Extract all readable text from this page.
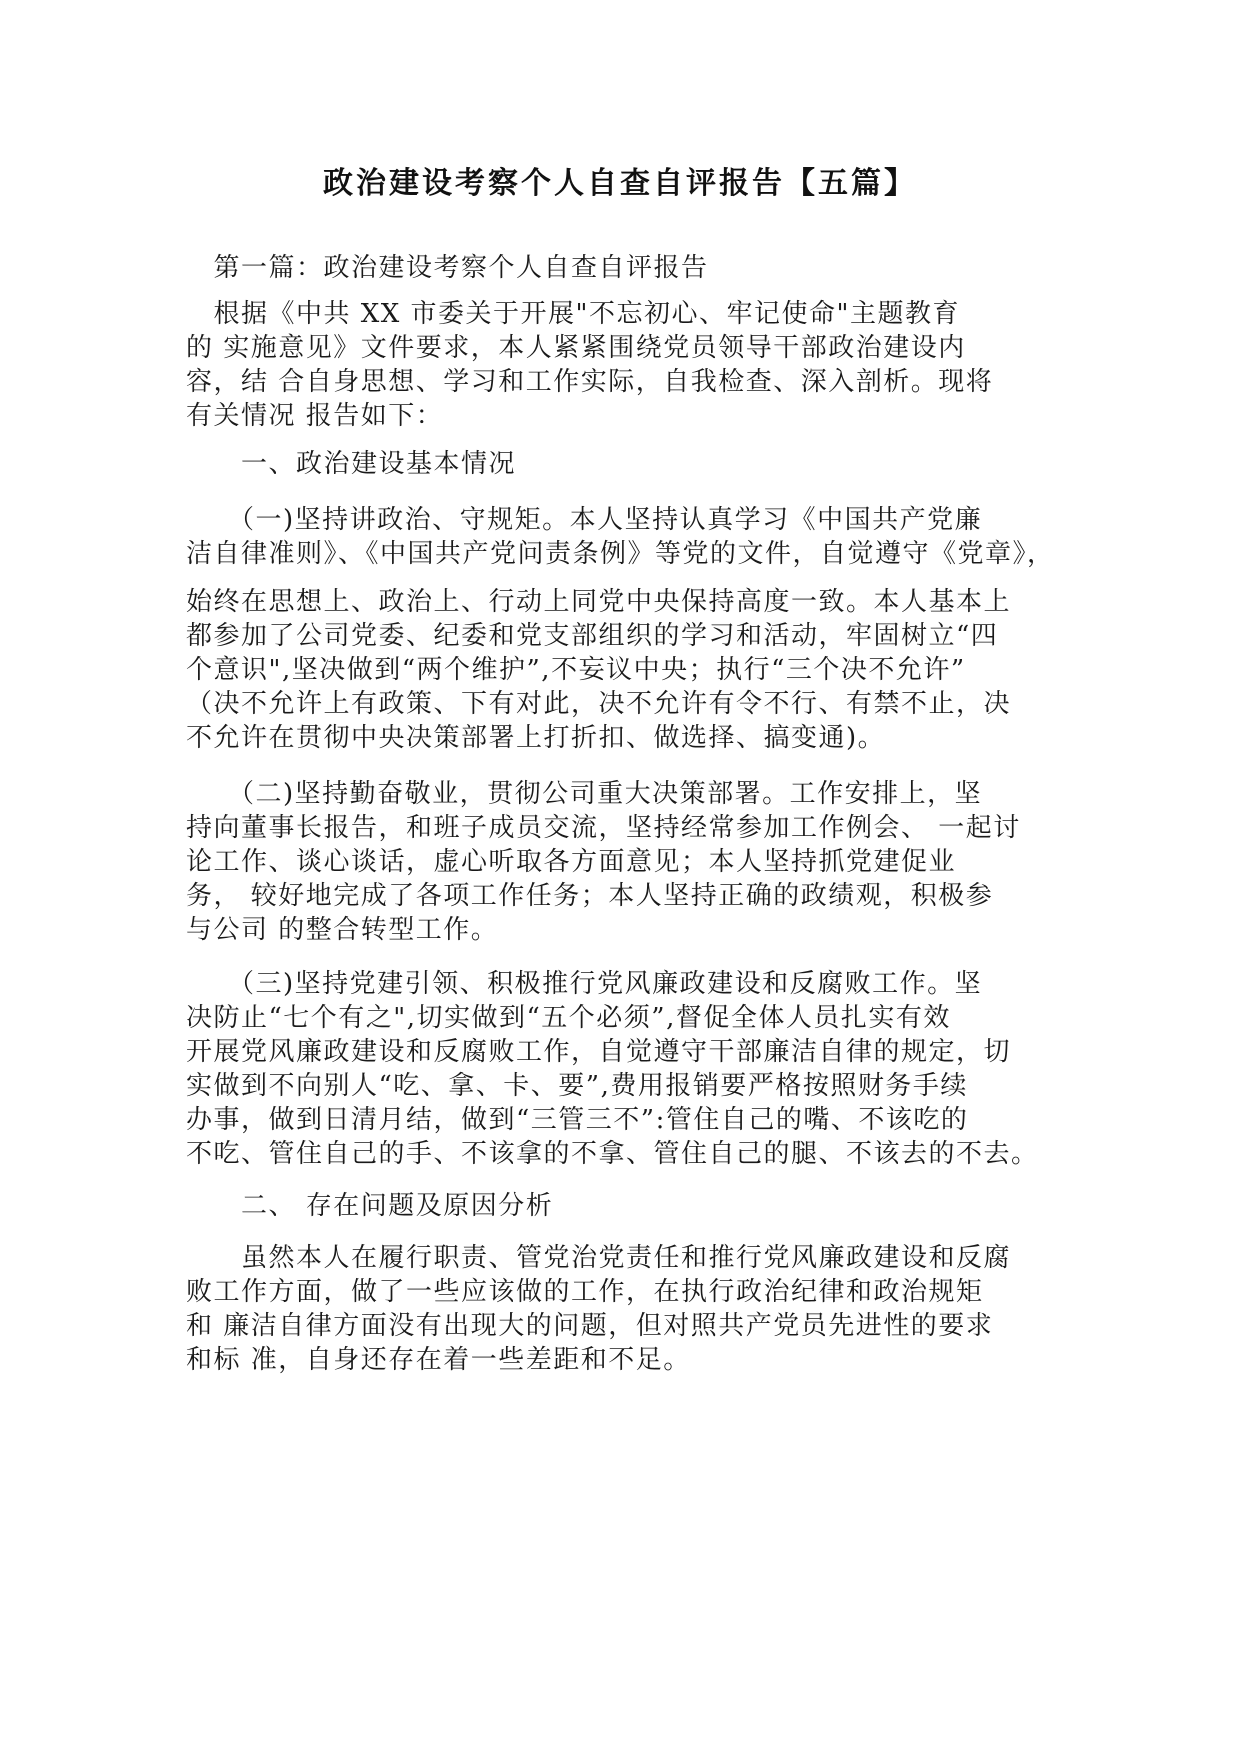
政治建设考察个人自查自评报告【五篇】
　第一篇：政治建设考察个人自查自评报告
　根据《中共 XX 市委关于开展"不忘初心、牢记使命"主题教育
的 实施意见》文件要求，本人紧紧围绕党员领导干部政治建设内
容，结 合自身思想、学习和工作实际，自我检查、深入剖析。现将
有关情况 报告如下：
　　一、政治建设基本情况
　　（一)坚持讲政治、守规矩。本人坚持认真学习《中国共产党廉
洁自律准则》、《中国共产党问责条例》等党的文件，自觉遵守《党章》，
始终在思想上、政治上、行动上同党中央保持高度一致。本人基本上
都参加了公司党委、纪委和党支部组织的学习和活动，牢固树立“四
个意识",坚决做到“两个维护”,不妄议中央；执行“三个决不允许”
（决不允许上有政策、下有对此，决不允许有令不行、有禁不止，决
不允许在贯彻中央决策部署上打折扣、做选择、搞变通)。
　　（二)坚持勤奋敬业，贯彻公司重大决策部署。工作安排上，坚
持向董事长报告，和班子成员交流，坚持经常参加工作例会、 一起讨
论工作、谈心谈话，虚心听取各方面意见；本人坚持抓党建促业
务， 较好地完成了各项工作任务；本人坚持正确的政绩观，积极参
与公司 的整合转型工作。
　　（三)坚持党建引领、积极推行党风廉政建设和反腐败工作。坚
决防止“七个有之",切实做到“五个必须”,督促全体人员扎实有效
开展党风廉政建设和反腐败工作，自觉遵守干部廉洁自律的规定，切
实做到不向别人“吃、拿、卡、要”,费用报销要严格按照财务手续
办事，做到日清月结，做到“三管三不”:管住自己的嘴、不该吃的
不吃、管住自己的手、不该拿的不拿、管住自己的腿、不该去的不去。
　　二、 存在问题及原因分析
　　虽然本人在履行职责、管党治党责任和推行党风廉政建设和反腐
败工作方面，做了一些应该做的工作，在执行政治纪律和政治规矩
和 廉洁自律方面没有出现大的问题，但对照共产党员先进性的要求
和标 准，自身还存在着一些差距和不足。
